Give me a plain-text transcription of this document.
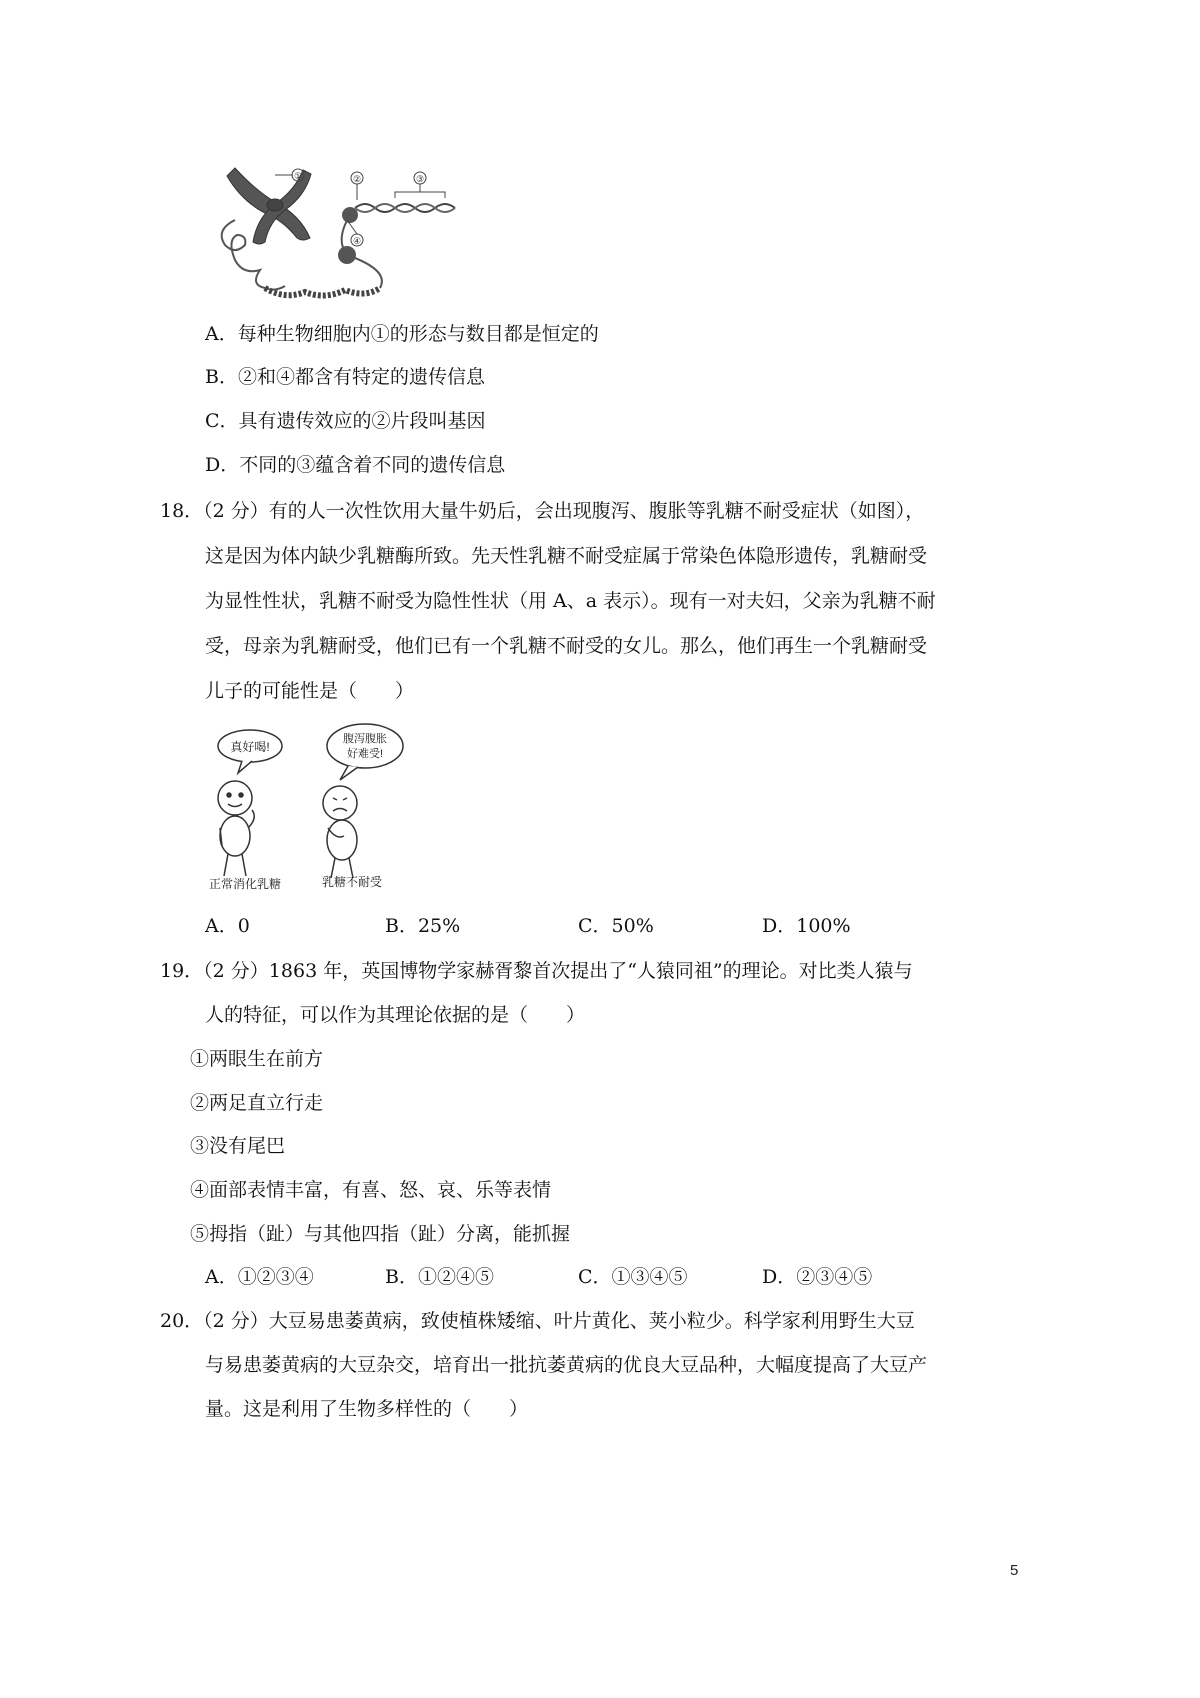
①
④
②	③
A．每种生物细胞内①的形态与数目都是恒定的
B．②和④都含有特定的遗传信息
C．具有遗传效应的②片段叫基因
D．不同的③蕴含着不同的遗传信息
18．（2 分）有的人一次性饮用大量牛奶后，会出现腹泻、腹胀等乳糖不耐受症状（如图），
这是因为体内缺少乳糖酶所致。先天性乳糖不耐受症属于常染色体隐形遗传，乳糖耐受
为显性性状，乳糖不耐受为隐性性状（用 A、a 表示）。现有一对夫妇，父亲为乳糖不耐
受，母亲为乳糖耐受，他们已有一个乳糖不耐受的女儿。那么，他们再生一个乳糖耐受
儿子的可能性是（　　）
真好喝!
腹泻腹胀
好难受!
正常消化乳糖	乳糖不耐受
A．0	B．25%	C．50%	D．100%
19．（2 分）1863 年，英国博物学家赫胥黎首次提出了“人猿同祖”的理论。对比类人猿与
人的特征，可以作为其理论依据的是（　　）
①两眼生在前方
②两足直立行走
③没有尾巴
④面部表情丰富，有喜、怒、哀、乐等表情
⑤拇指（趾）与其他四指（趾）分离，能抓握
A．①②③④	B．①②④⑤	C．①③④⑤	D．②③④⑤
20．（2 分）大豆易患萎黄病，致使植株矮缩、叶片黄化、荚小粒少。科学家利用野生大豆
与易患萎黄病的大豆杂交，培育出一批抗萎黄病的优良大豆品种，大幅度提高了大豆产
量。这是利用了生物多样性的（　　）
5
